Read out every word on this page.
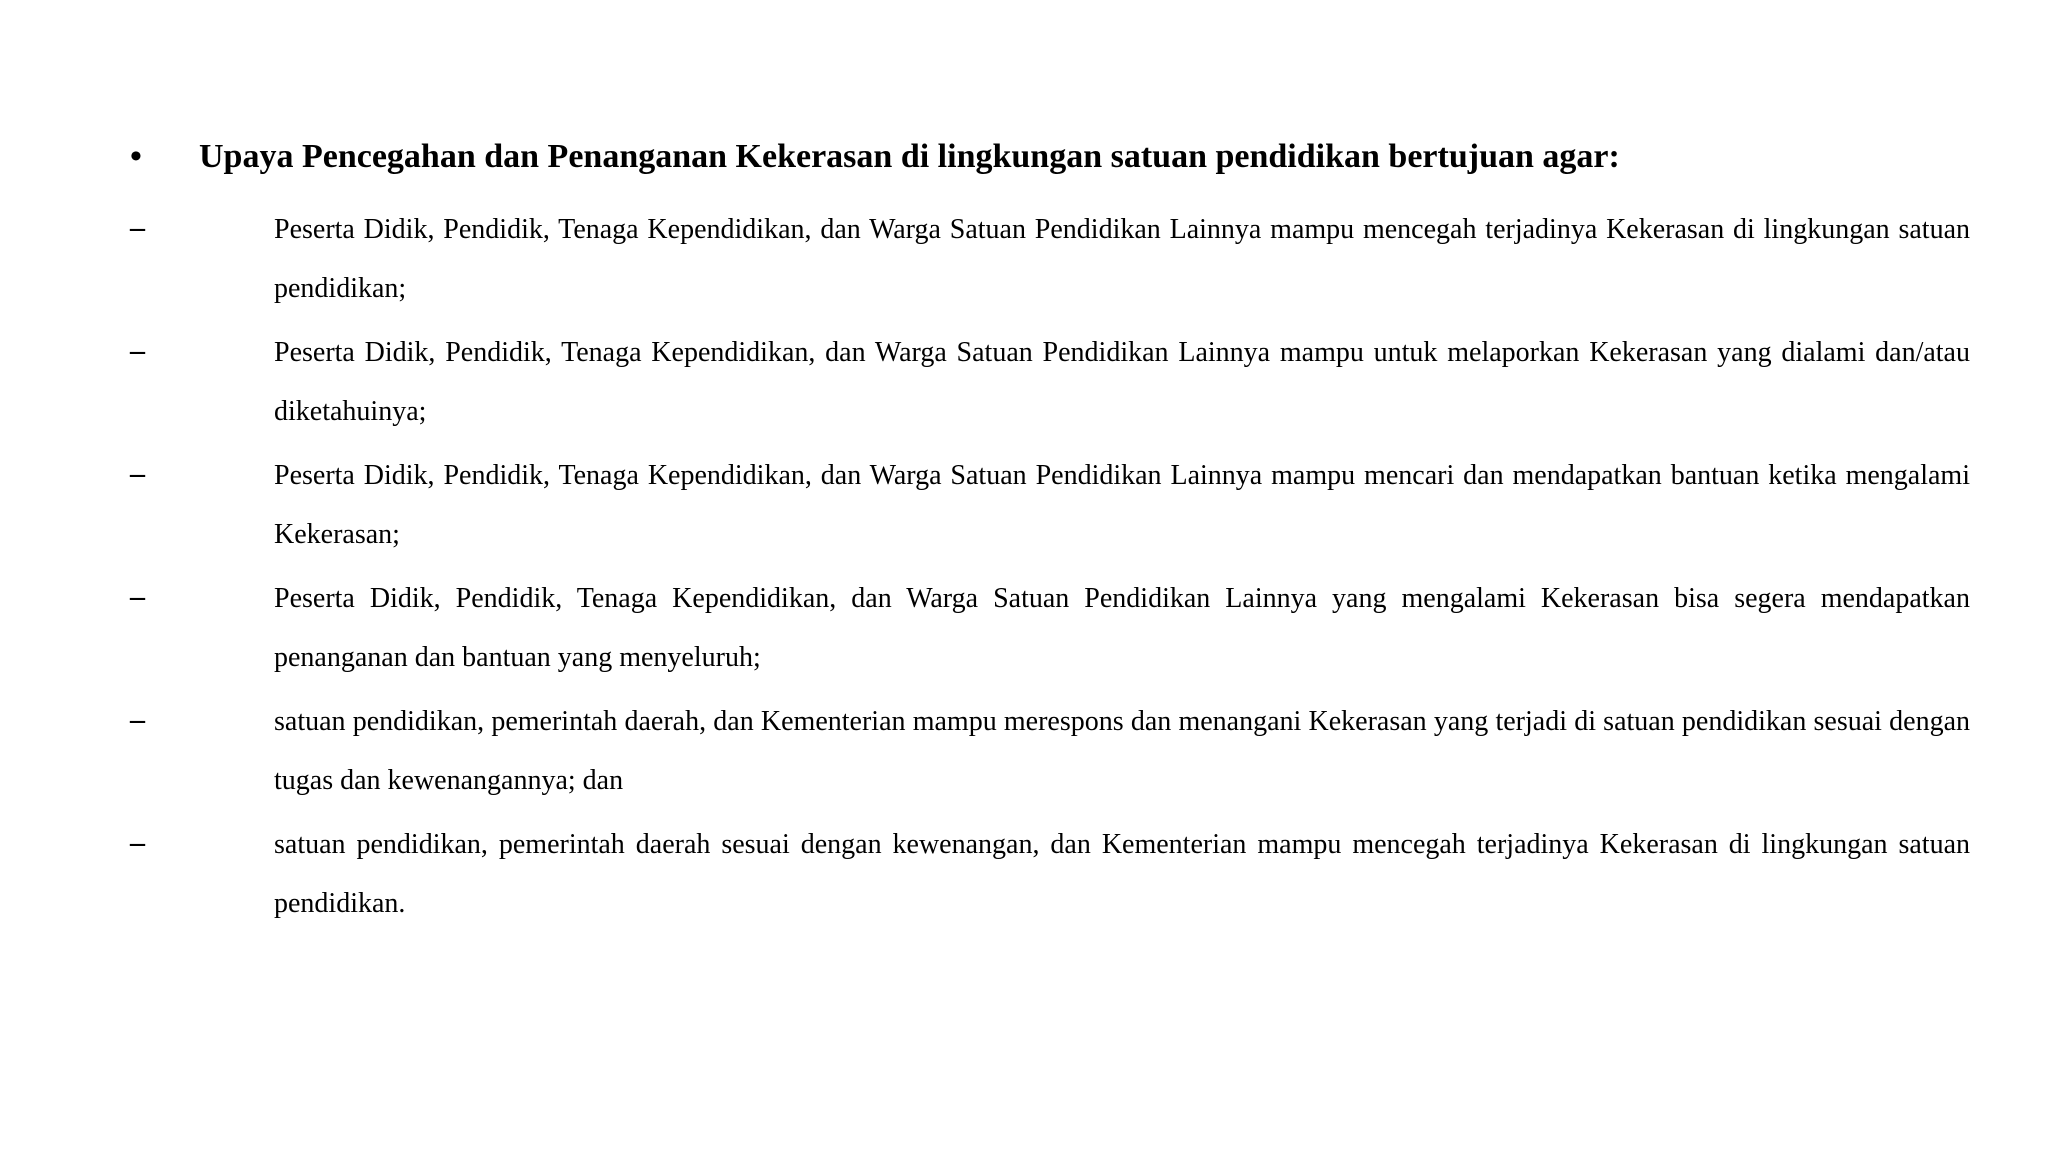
• Upaya Pencegahan dan Penanganan Kekerasan di lingkungan satuan pendidikan bertujuan agar:
–	Peserta Didik, Pendidik, Tenaga Kependidikan, dan Warga Satuan Pendidikan Lainnya mampu mencegah terjadinya Kekerasan di lingkungan satuan pendidikan;
–	Peserta Didik, Pendidik, Tenaga Kependidikan, dan Warga Satuan Pendidikan Lainnya mampu untuk melaporkan Kekerasan yang dialami dan/atau diketahuinya;
–	Peserta Didik, Pendidik, Tenaga Kependidikan, dan Warga Satuan Pendidikan Lainnya mampu mencari dan mendapatkan bantuan ketika mengalami Kekerasan;
–	Peserta Didik, Pendidik, Tenaga Kependidikan, dan Warga Satuan Pendidikan Lainnya yang mengalami Kekerasan bisa segera mendapatkan penanganan dan bantuan yang menyeluruh;
–	satuan pendidikan, pemerintah daerah, dan Kementerian mampu merespons dan menangani Kekerasan yang terjadi di satuan pendidikan sesuai dengan tugas dan kewenangannya; dan
–	satuan pendidikan, pemerintah daerah sesuai dengan kewenangan, dan Kementerian mampu mencegah terjadinya Kekerasan di lingkungan satuan pendidikan.
